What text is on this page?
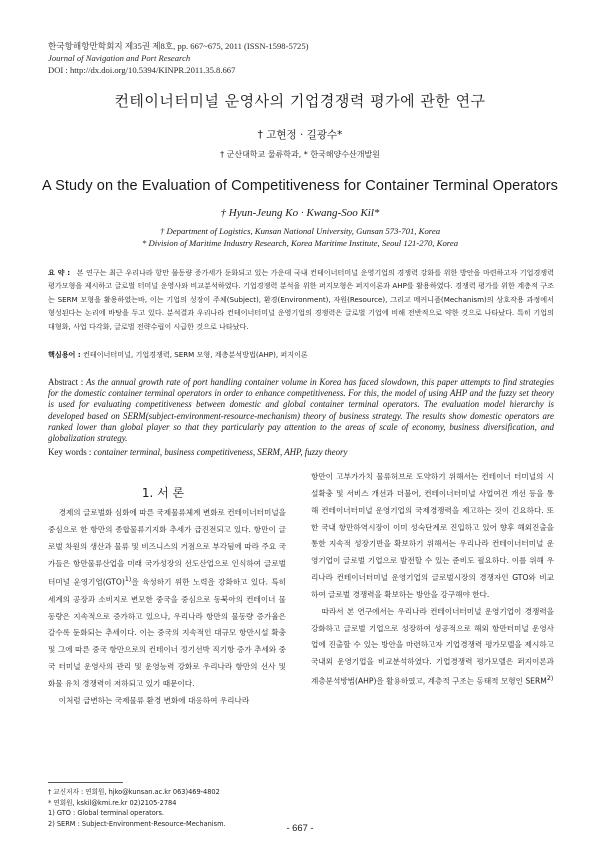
한국항해항만학회지 제35권 제8호, pp. 667~675, 2011 (ISSN-1598-5725)
Journal of Navigation and Port Research
DOI : http://dx.doi.org/10.5394/KINPR.2011.35.8.667
컨테이너터미널 운영사의 기업경쟁력 평가에 관한 연구
† 고현정 · 길광수*
† 군산대학교 물류학과, * 한국해양수산개발원
A Study on the Evaluation of Competitiveness for Container Terminal Operators
† Hyun-Jeung Ko · Kwang-Soo Kil*
† Department of Logistics, Kunsan National University, Gunsan 573-701, Korea
* Division of Maritime Industry Research, Korea Maritime Institute, Seoul 121-270, Korea
요 약 : 본 연구는 최근 우리나라 항만 물동량 증가세가 둔화되고 있는 가운데 국내 컨테이너터미널 운영기업의 경쟁력 강화를 위한 방안을 마련하고자 기업경쟁력 평가모형을 제시하고 글로벌 터미널 운영사와 비교분석하였다. 기업경쟁력 분석을 위한 퍼지모형은 퍼지이론과 AHP를 활용하였다. 경쟁력 평가를 위한 계층적 구조는 SERM 모형을 활용하였는바, 이는 기업의 성장이 주체(Subject), 환경(Environment), 자원(Resource), 그리고 메커니즘(Mechanism)의 상호작용 과정에서 형성된다는 논리에 바탕을 두고 있다. 분석결과 우리나라 컨테이너터미널 운영기업의 경쟁력은 글로벌 기업에 비해 전반적으로 약한 것으로 나타났다. 특히 기업의 대형화, 사업 다각화, 글로벌 전략수립이 시급한 것으로 나타났다.
핵심용어 : 컨테이너터미널, 기업경쟁력, SERM 모형, 계층분석방법(AHP), 퍼지이론
Abstract : As the annual growth rate of port handling container volume in Korea has faced slowdown, this paper attempts to find strategies for the domestic container terminal operators in order to enhance competitiveness. For this, the model of using AHP and the fuzzy set theory is used for evaluating competitiveness between domestic and global container terminal operators. The evaluation model hierarchy is developed based on SERM(subject-environment-resource-mechanism) theory of business strategy. The results show domestic operators are ranked lower than global player so that they particularly pay attention to the areas of scale of economy, business diversification, and globalization strategy.
Key words : container terminal, business competitiveness, SERM, AHP, fuzzy theory
1. 서 론

경제의 글로벌화 심화에 따른 국제물류체계 변화로 컨테이너터미널을 중심으로 한 항만의 종합물류기지화 추세가 급진전되고 있다. 항만이 글로벌 차원의 생산과 물류 및 비즈니스의 거점으로 부각됨에 따라 주요 국가들은 항만물류산업을 미래 국가성장의 선도산업으로 인식하여 글로벌 터미널 운영기업(GTO)$^{1)}$을 육성하기 위한 노력을 강화하고 있다. 특히 세계의 공장과 소비지로 변모한 중국을 중심으로 동북아의 컨테이너 물동량은 지속적으로 증가하고 있으나, 우리나라 항만의 물동량 증가율은 갈수록 둔화되는 추세이다. 이는 중국의 지속적인 대규모 항만시설 확충 및 그에 따른 중국 항만으로의 컨테이너 정기선박 직기항 증가 추세와 중국 터미널 운영사의 관리 및 운영능력 강화로 우리나라 항만의 선사 및 화물 유치 경쟁력이 저하되고 있기 때문이다.

이처럼 급변하는 국제물류 환경 변화에 대응하여 우리나라

항만이 고부가가치 물류허브로 도약하기 위해서는 컨테이너 터미널의 시설확충 및 서비스 개선과 더불어, 컨테이너터미널 사업여건 개선 등을 통해 컨테이너터미널 운영기업의 국제경쟁력을 제고하는 것이 긴요하다. 또한 국내 항만하역시장이 이미 성숙단계로 진입하고 있어 향후 해외진출을 통한 지속적 성장기반을 확보하기 위해서는 우리나라 컨테이너터미널 운영기업이 글로벌 기업으로 발전할 수 있는 준비도 필요하다. 이를 위해 우리나라 컨테이너터미널 운영기업의 글로벌시장의 경쟁자인 GTO와 비교하여 글로벌 경쟁력을 확보하는 방안을 강구해야 한다.

따라서 본 연구에서는 우리나라 컨테이너터미널 운영기업이 경쟁력을 강화하고 글로벌 기업으로 성장하여 성공적으로 해외 항만터미널 운영사업에 진출할 수 있는 방안을 마련하고자 기업경쟁력 평가모델을 제시하고 국내외 운영기업을 비교분석하였다. 기업경쟁력 평가모델은 퍼지이론과 계층분석방법(AHP)을 활용하였고, 계층적 구조는 동태적 모형인 SERM$^{2)}$

† 교신저자 : 연회원, hjko@kunsan.ac.kr 063)469-4802
* 연회원, kskil@kmi.re.kr 02)2105-2784
1) GTO : Global terminal operators.
2) SERM : Subject-Environment-Resource-Mechanism.	- 667 -
